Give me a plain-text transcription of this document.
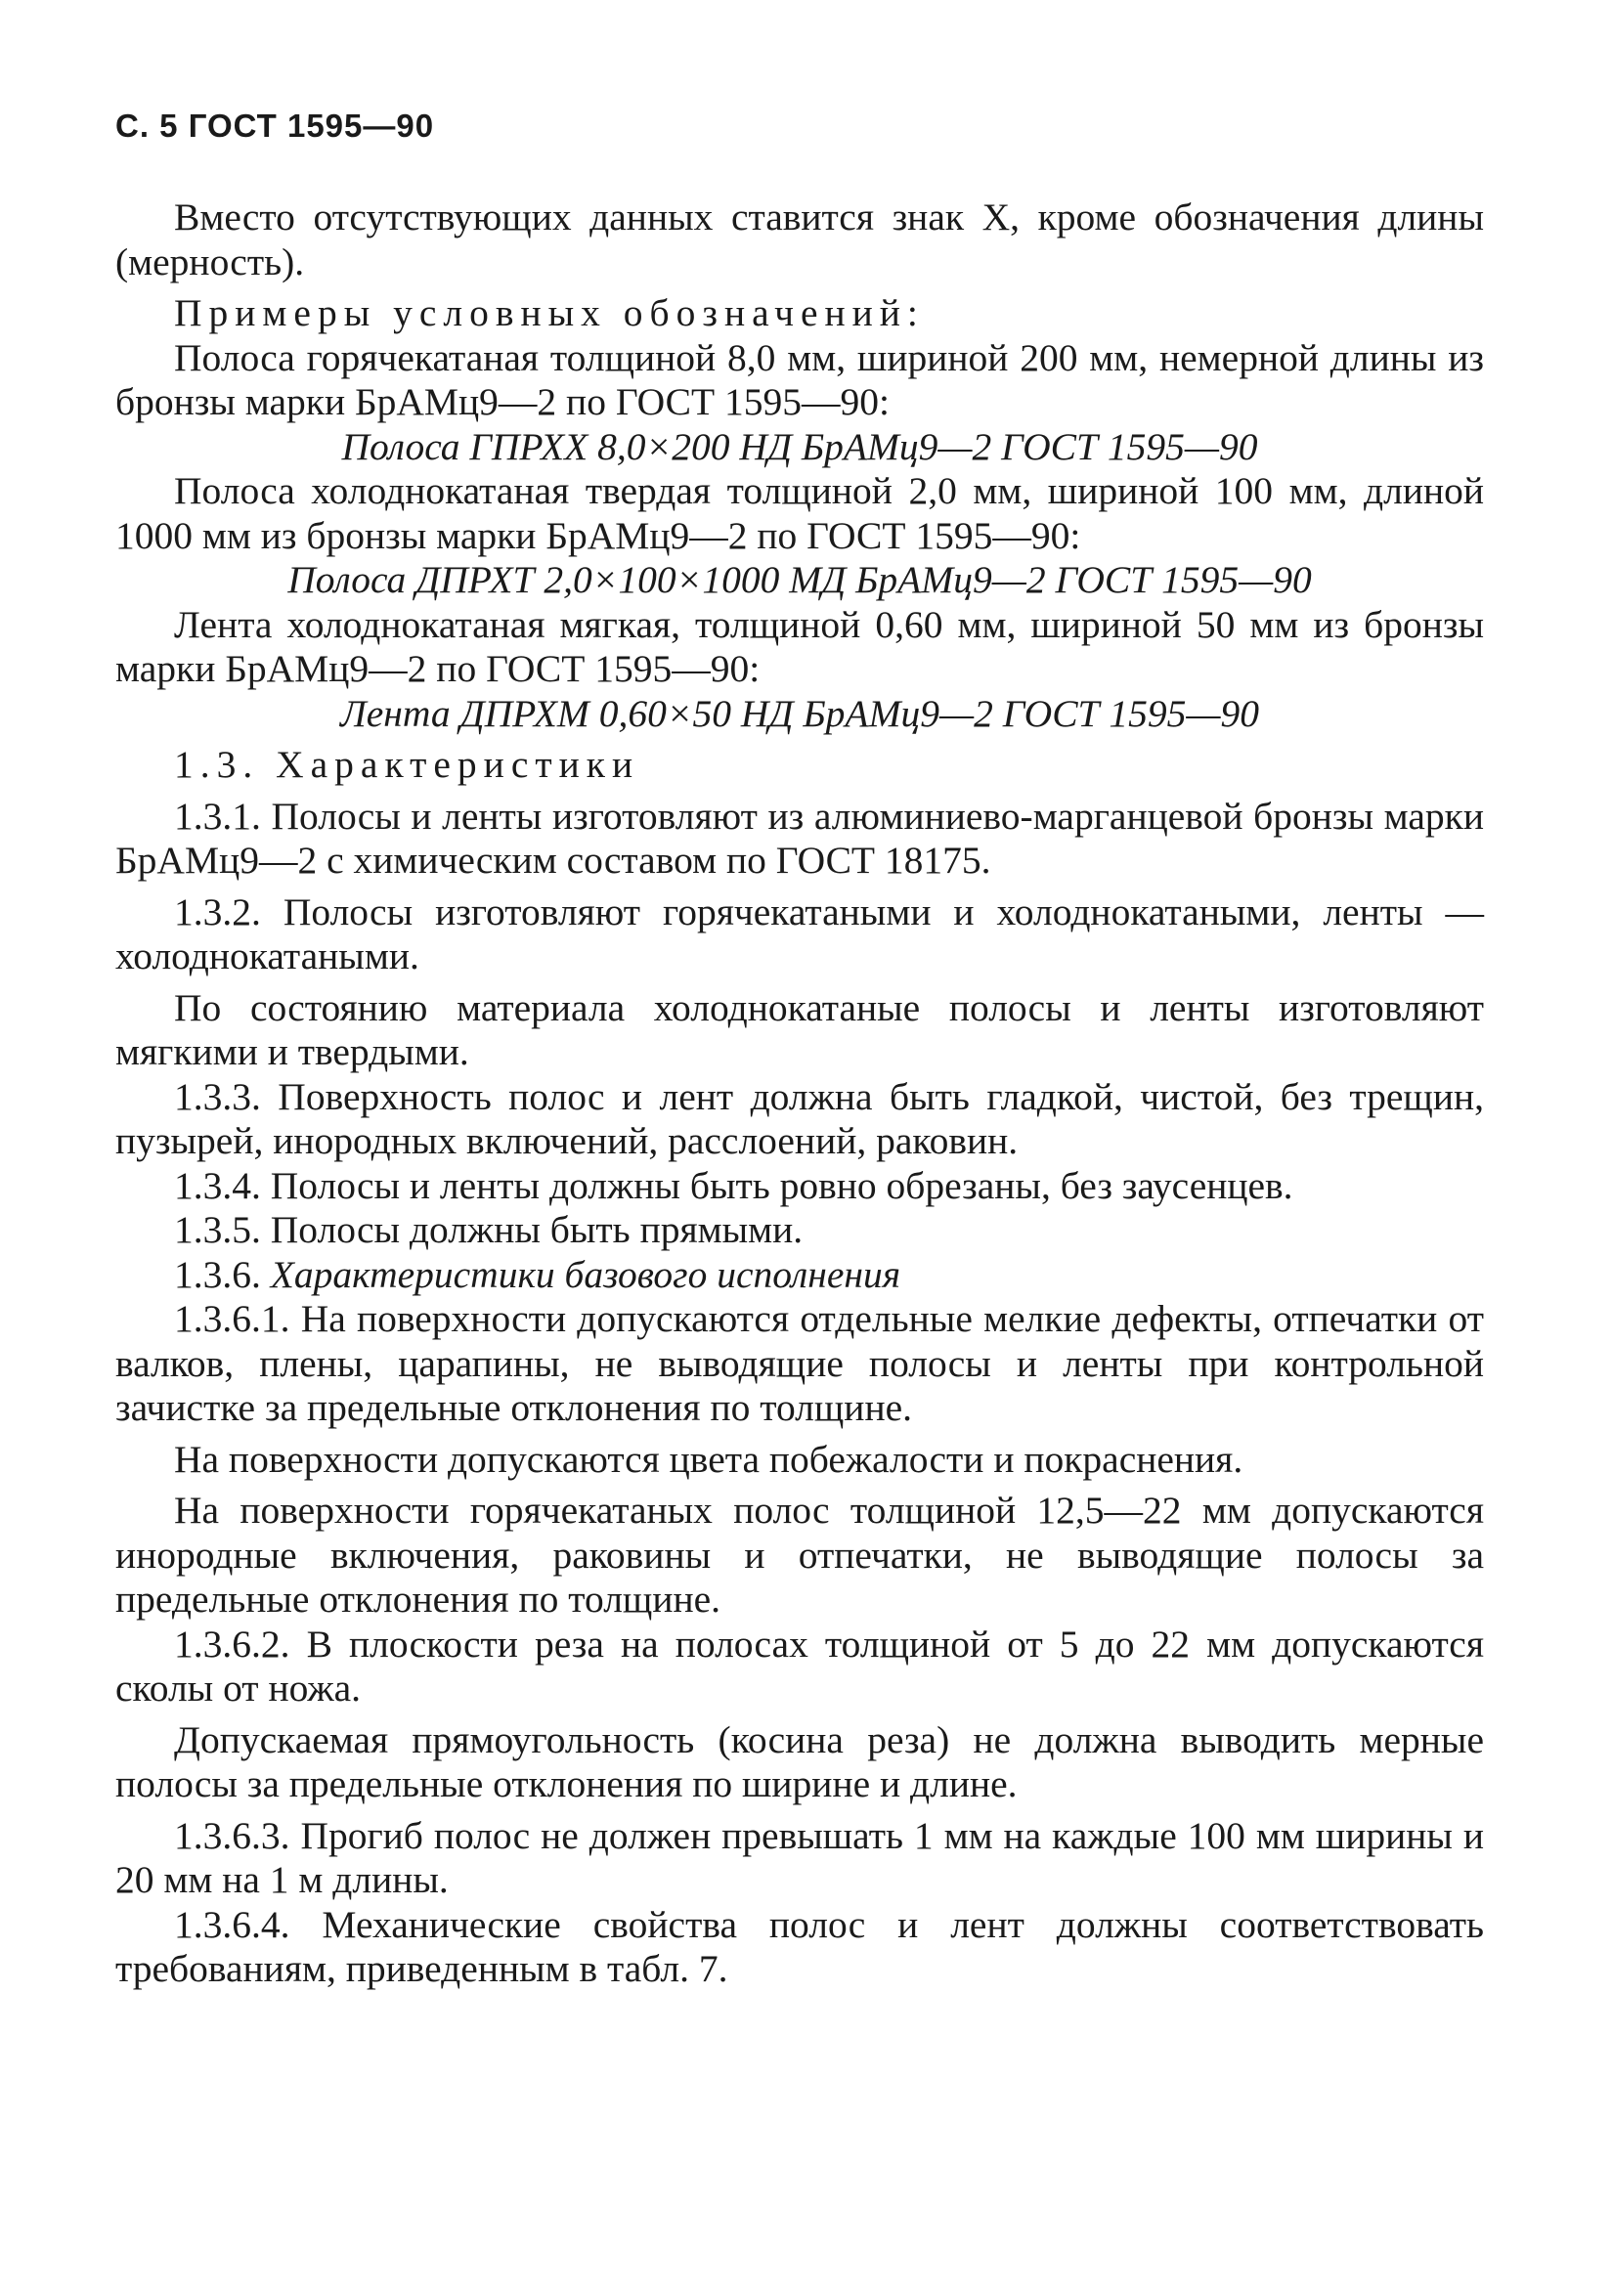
С. 5 ГОСТ 1595—90

Вместо отсутствующих данных ставится знак X, кроме обозначения длины (мерность).

Примеры условных обозначений:

Полоса горячекатаная толщиной 8,0 мм, шириной 200 мм, немерной длины из бронзы марки БрАМц9—2 по ГОСТ 1595—90:

Полоса ГПРХХ 8,0×200 НД БрАМц9—2 ГОСТ 1595—90

Полоса холоднокатаная твердая толщиной 2,0 мм, шириной 100 мм, длиной 1000 мм из бронзы марки БрАМц9—2 по ГОСТ 1595—90:

Полоса ДПРХТ 2,0×100×1000 МД БрАМц9—2 ГОСТ 1595—90

Лента холоднокатаная мягкая, толщиной 0,60 мм, шириной 50 мм из бронзы марки БрАМц9—2 по ГОСТ 1595—90:

Лента ДПРХМ 0,60×50 НД БрАМц9—2 ГОСТ 1595—90

1.3. Характеристики

1.3.1. Полосы и ленты изготовляют из алюминиево-марганцевой бронзы марки БрАМц9—2 с химическим составом по ГОСТ 18175.

1.3.2. Полосы изготовляют горячекатаными и холоднокатаными, ленты — холоднокатаными.

По состоянию материала холоднокатаные полосы и ленты изготовляют мягкими и твердыми.

1.3.3. Поверхность полос и лент должна быть гладкой, чистой, без трещин, пузырей, инородных включений, расслоений, раковин.

1.3.4. Полосы и ленты должны быть ровно обрезаны, без заусенцев.

1.3.5. Полосы должны быть прямыми.

1.3.6. Характеристики базового исполнения

1.3.6.1. На поверхности допускаются отдельные мелкие дефекты, отпечатки от валков, плены, царапины, не выводящие полосы и ленты при контрольной зачистке за предельные отклонения по толщине.

На поверхности допускаются цвета побежалости и покраснения.

На поверхности горячекатаных полос толщиной 12,5—22 мм допускаются инородные включения, раковины и отпечатки, не выводящие полосы за предельные отклонения по толщине.

1.3.6.2. В плоскости реза на полосах толщиной от 5 до 22 мм допускаются сколы от ножа.

Допускаемая прямоугольность (косина реза) не должна выводить мерные полосы за предельные отклонения по ширине и длине.

1.3.6.3. Прогиб полос не должен превышать 1 мм на каждые 100 мм ширины и 20 мм на 1 м длины.

1.3.6.4. Механические свойства полос и лент должны соответствовать требованиям, приведенным в табл. 7.
